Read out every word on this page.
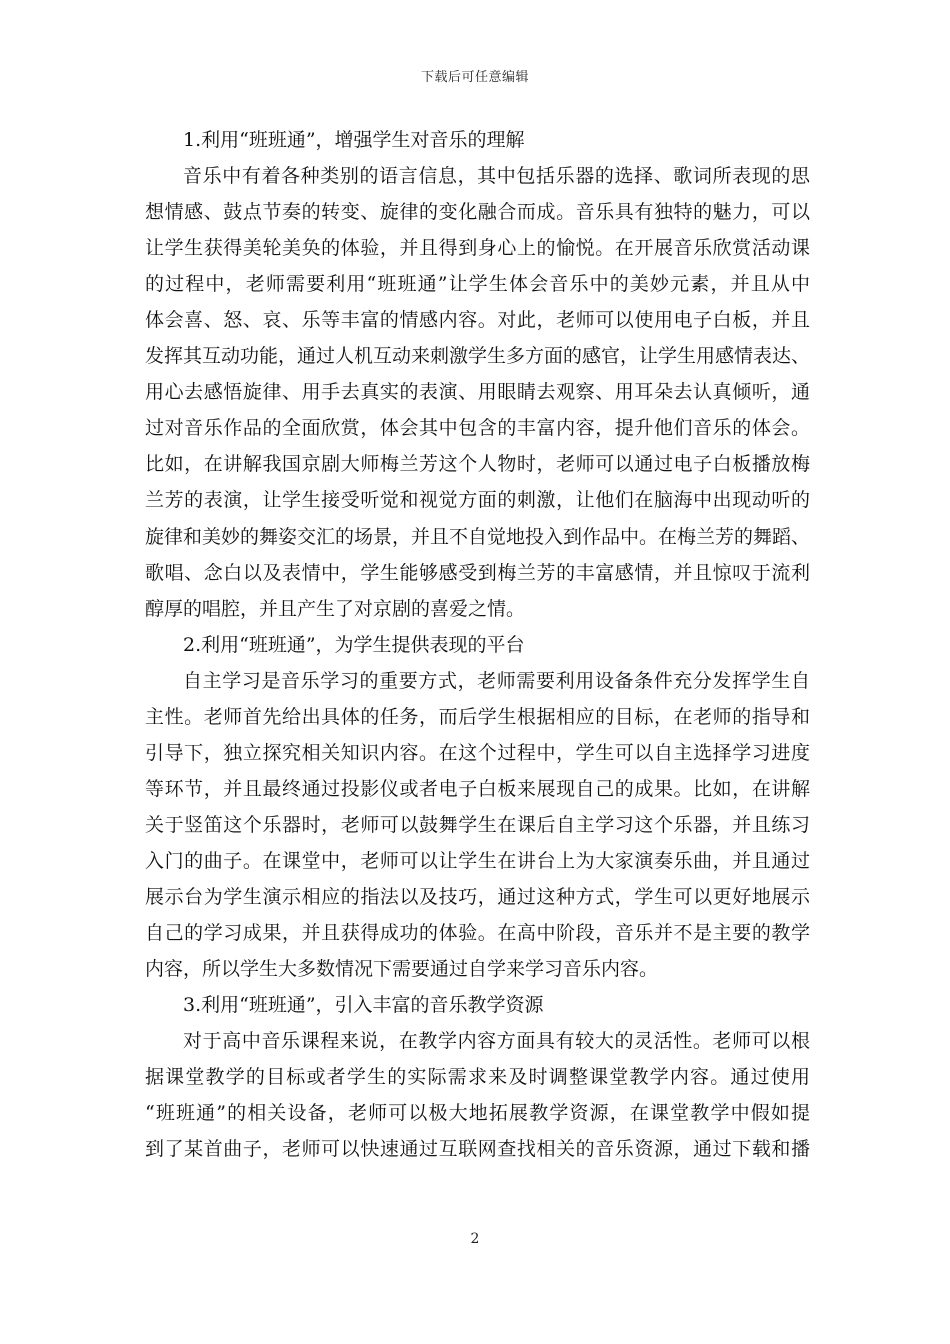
下载后可任意编辑
1.利用“班班通”，增强学生对音乐的理解
音乐中有着各种类别的语言信息，其中包括乐器的选择、歌词所表现的思
想情感、鼓点节奏的转变、旋律的变化融合而成。音乐具有独特的魅力，可以
让学生获得美轮美奂的体验，并且得到身心上的愉悦。在开展音乐欣赏活动课
的过程中，老师需要利用“班班通”让学生体会音乐中的美妙元素，并且从中
体会喜、怒、哀、乐等丰富的情感内容。对此，老师可以使用电子白板，并且
发挥其互动功能，通过人机互动来刺激学生多方面的感官，让学生用感情表达、
用心去感悟旋律、用手去真实的表演、用眼睛去观察、用耳朵去认真倾听，通
过对音乐作品的全面欣赏，体会其中包含的丰富内容，提升他们音乐的体会。
比如，在讲解我国京剧大师梅兰芳这个人物时，老师可以通过电子白板播放梅
兰芳的表演，让学生接受听觉和视觉方面的刺激，让他们在脑海中出现动听的
旋律和美妙的舞姿交汇的场景，并且不自觉地投入到作品中。在梅兰芳的舞蹈、
歌唱、念白以及表情中，学生能够感受到梅兰芳的丰富感情，并且惊叹于流利
醇厚的唱腔，并且产生了对京剧的喜爱之情。
2.利用“班班通”，为学生提供表现的平台
自主学习是音乐学习的重要方式，老师需要利用设备条件充分发挥学生自
主性。老师首先给出具体的任务，而后学生根据相应的目标，在老师的指导和
引导下，独立探究相关知识内容。在这个过程中，学生可以自主选择学习进度
等环节，并且最终通过投影仪或者电子白板来展现自己的成果。比如，在讲解
关于竖笛这个乐器时，老师可以鼓舞学生在课后自主学习这个乐器，并且练习
入门的曲子。在课堂中，老师可以让学生在讲台上为大家演奏乐曲，并且通过
展示台为学生演示相应的指法以及技巧，通过这种方式，学生可以更好地展示
自己的学习成果，并且获得成功的体验。在高中阶段，音乐并不是主要的教学
内容，所以学生大多数情况下需要通过自学来学习音乐内容。
3.利用“班班通”，引入丰富的音乐教学资源
对于高中音乐课程来说，在教学内容方面具有较大的灵活性。老师可以根
据课堂教学的目标或者学生的实际需求来及时调整课堂教学内容。通过使用
“班班通”的相关设备，老师可以极大地拓展教学资源，在课堂教学中假如提
到了某首曲子，老师可以快速通过互联网查找相关的音乐资源，通过下载和播
2
